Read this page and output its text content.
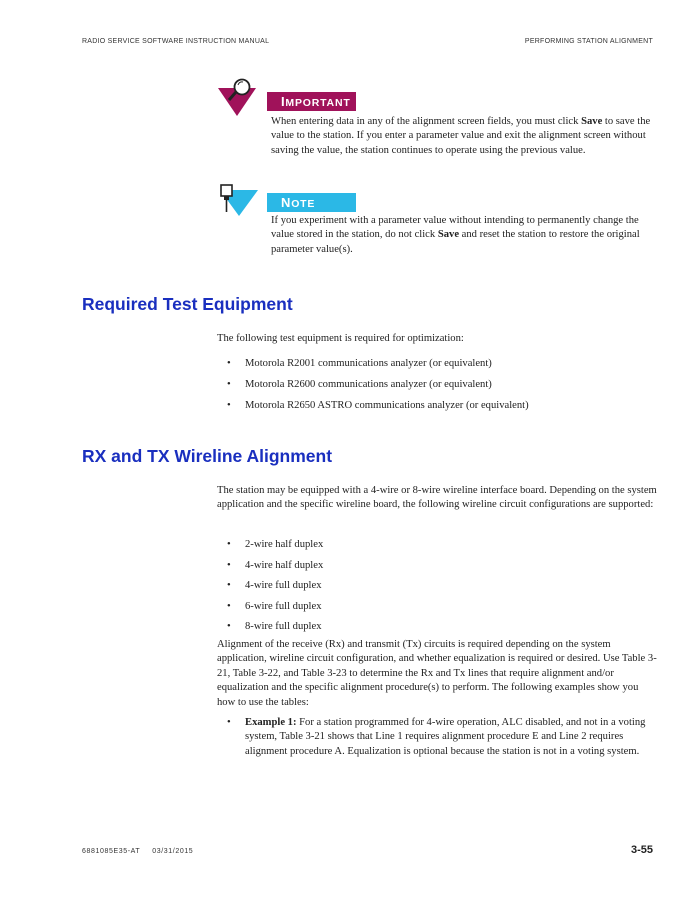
RADIO SERVICE SOFTWARE INSTRUCTION MANUAL	PERFORMING STATION ALIGNMENT
IMPORTANT

When entering data in any of the alignment screen fields, you must click Save to save the value to the station. If you enter a parameter value and exit the alignment screen without saving the value, the station continues to operate using the previous value.

NOTE

If you experiment with a parameter value without intending to permanently change the value stored in the station, do not click Save and reset the station to restore the original parameter value(s).

Required Test Equipment

The following test equipment is required for optimization:

• Motorola R2001 communications analyzer (or equivalent)
• Motorola R2600 communications analyzer (or equivalent)
• Motorola R2650 ASTRO communications analyzer (or equivalent)
RX and TX Wireline Alignment

The station may be equipped with a 4-wire or 8-wire wireline interface board. Depending on the system application and the specific wireline board, the following wireline circuit configurations are supported:

• 2-wire half duplex
• 4-wire half duplex
• 4-wire full duplex
• 6-wire full duplex
• 8-wire full duplex

Alignment of the receive (Rx) and transmit (Tx) circuits is required depending on the system application, wireline circuit configuration, and whether equalization is required or desired. Use Table 3-21, Table 3-22, and Table 3-23 to determine the Rx and Tx lines that require alignment and/or equalization and the specific alignment procedure(s) to perform. The following examples show you how to use the tables:

• Example 1: For a station programmed for 4-wire operation, ALC disabled, and not in a voting system, Table 3-21 shows that Line 1 requires alignment procedure E and Line 2 requires alignment procedure A. Equalization is optional because the station is not in a voting system.
6881085E35-AT 03/31/2015	3-55
